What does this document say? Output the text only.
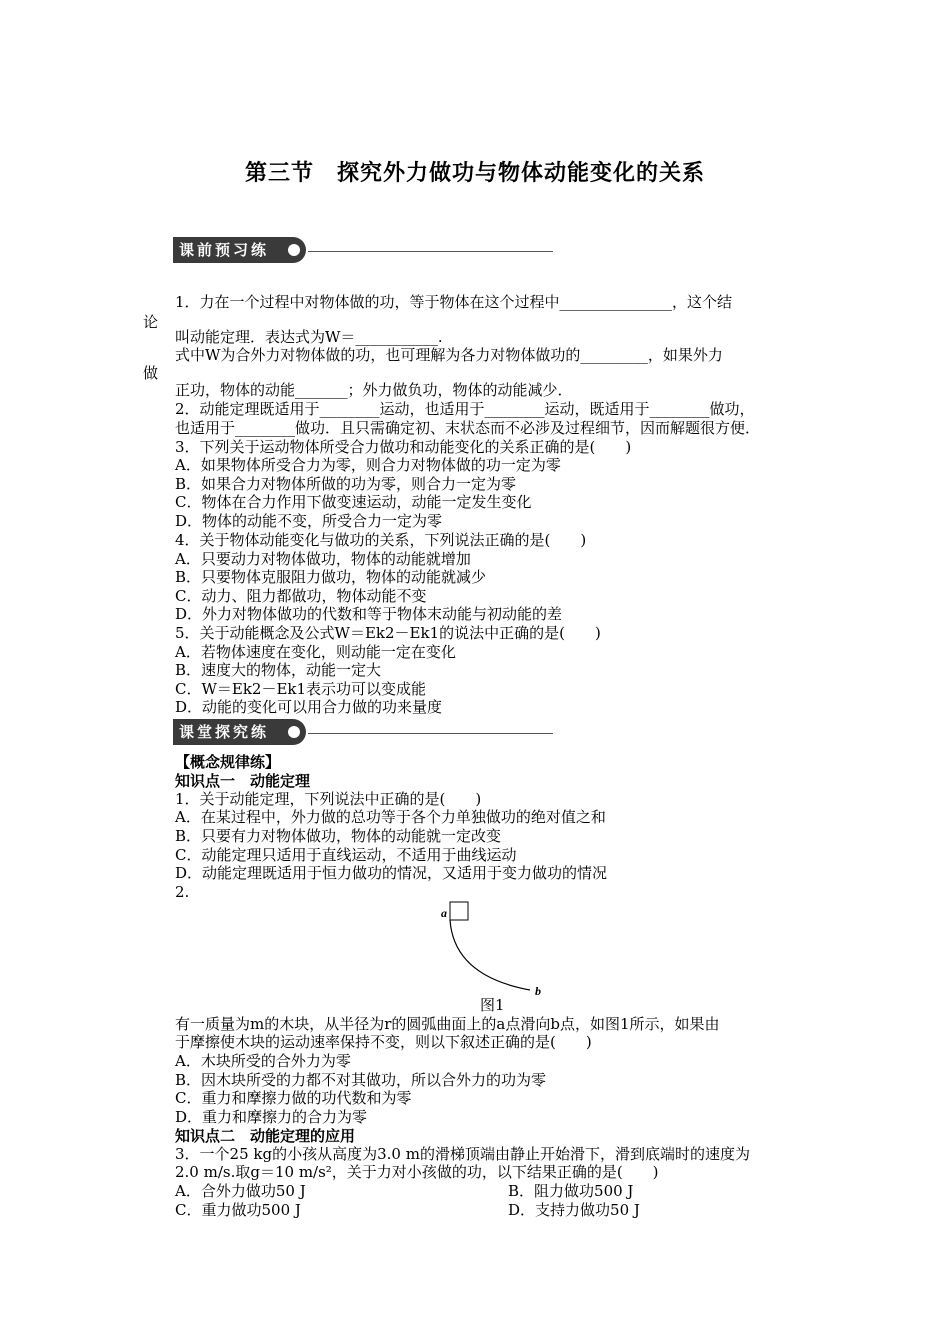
第三节　探究外力做功与物体动能变化的关系
课前预习练
1．力在一个过程中对物体做的功，等于物体在这个过程中_______________，这个结
论
叫动能定理．表达式为W＝___________.
式中W为合外力对物体做的功，也可理解为各力对物体做功的_________，如果外力
做
正功，物体的动能_______；外力做负功，物体的动能减少．
2．动能定理既适用于________运动，也适用于________运动，既适用于________做功，
也适用于________做功．且只需确定初、末状态而不必涉及过程细节，因而解题很方便．
3．下列关于运动物体所受合力做功和动能变化的关系正确的是(　　)
A．如果物体所受合力为零，则合力对物体做的功一定为零
B．如果合力对物体所做的功为零，则合力一定为零
C．物体在合力作用下做变速运动，动能一定发生变化
D．物体的动能不变，所受合力一定为零
4．关于物体动能变化与做功的关系，下列说法正确的是(　　)
A．只要动力对物体做功，物体的动能就增加
B．只要物体克服阻力做功，物体的动能就减少
C．动力、阻力都做功，物体动能不变
D．外力对物体做功的代数和等于物体末动能与初动能的差
5．关于动能概念及公式W＝Ek2－Ek1的说法中正确的是(　　)
A．若物体速度在变化，则动能一定在变化
B．速度大的物体，动能一定大
C．W＝Ek2－Ek1表示功可以变成能
D．动能的变化可以用合力做的功来量度
课堂探究练
【概念规律练】
知识点一　动能定理
1．关于动能定理，下列说法中正确的是(　　)
A．在某过程中，外力做的总功等于各个力单独做功的绝对值之和
B．只要有力对物体做功，物体的动能就一定改变
C．动能定理只适用于直线运动，不适用于曲线运动
D．动能定理既适用于恒力做功的情况，又适用于变力做功的情况
2.
a
b
图1
有一质量为m的木块，从半径为r的圆弧曲面上的a点滑向b点，如图1所示，如果由
于摩擦使木块的运动速率保持不变，则以下叙述正确的是(　　)
A．木块所受的合外力为零
B．因木块所受的力都不对其做功，所以合外力的功为零
C．重力和摩擦力做的功代数和为零
D．重力和摩擦力的合力为零
知识点二　动能定理的应用
3．一个25 kg的小孩从高度为3.0 m的滑梯顶端由静止开始滑下，滑到底端时的速度为
2.0 m/s.取g＝10 m/s²，关于力对小孩做的功，以下结果正确的是(　　)
A．合外力做功50 J	B．阻力做功500 J
C．重力做功500 J	D．支持力做功50 J
